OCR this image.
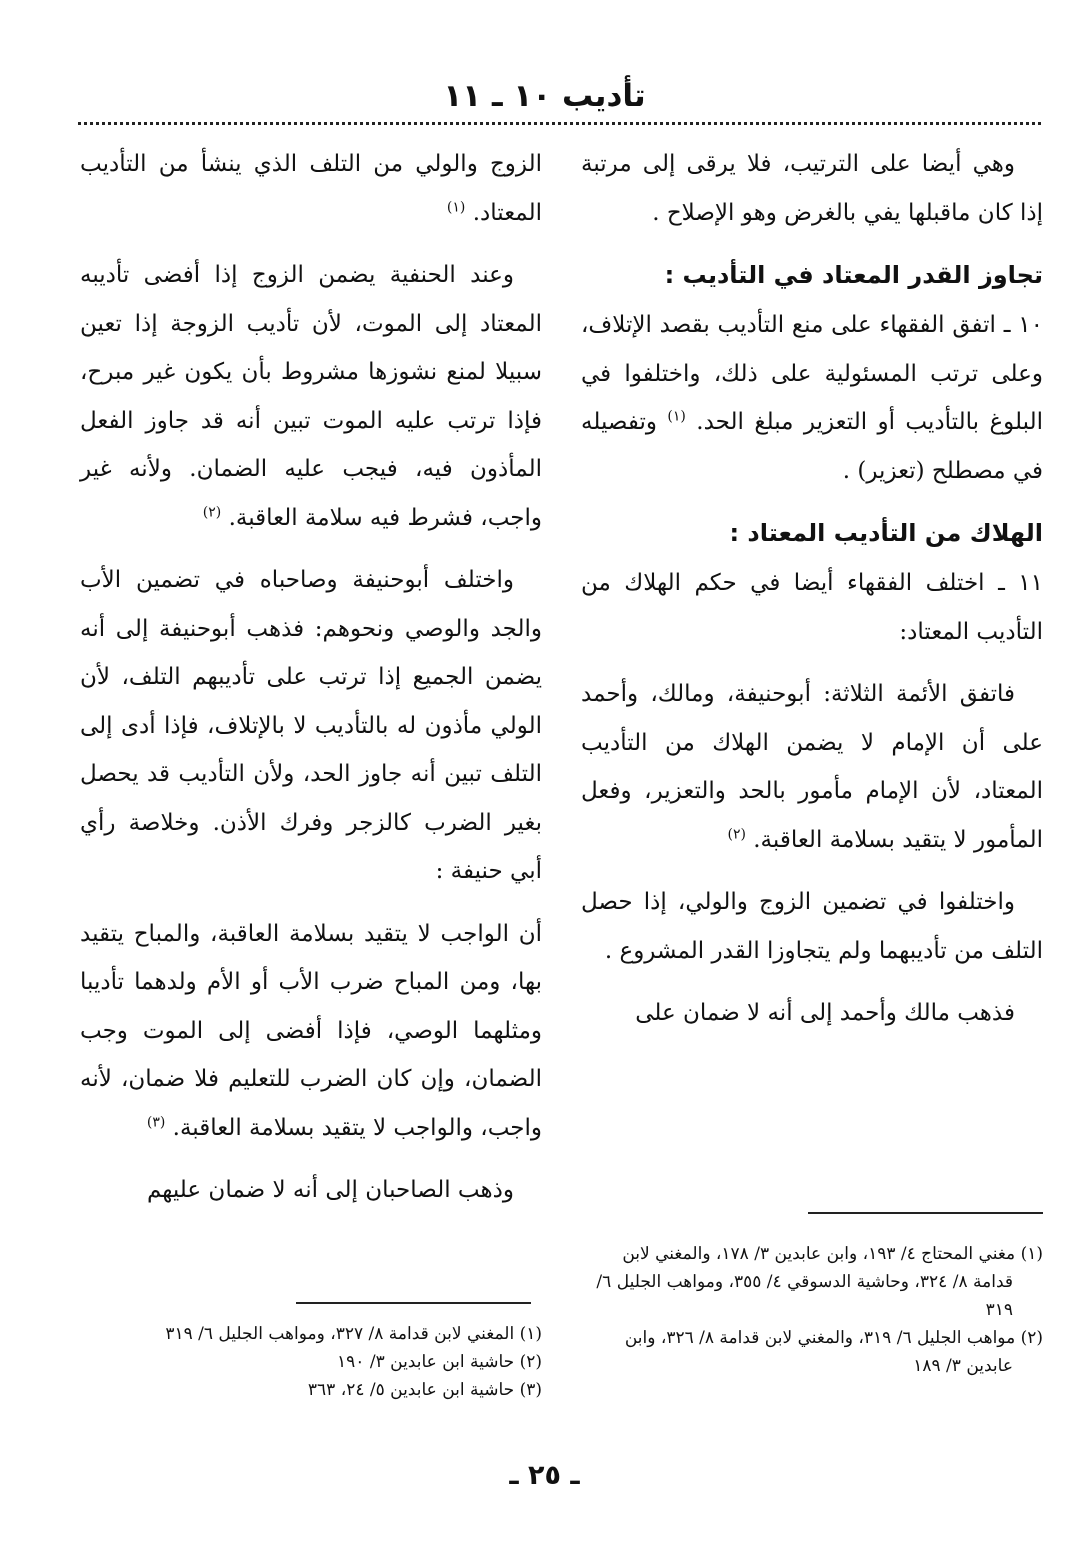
تأديب ١٠ ـ ١١

وهي أيضا على الترتيب، فلا يرقى إلى مرتبة إذا كان ماقبلها يفي بالغرض وهو الإصلاح .

تجاوز القدر المعتاد في التأديب :

١٠ ـ اتفق الفقهاء على منع التأديب بقصد الإتلاف، وعلى ترتب المسئولية على ذلك، واختلفوا في البلوغ بالتأديب أو التعزير مبلغ الحد. $^{(١)}$ وتفصيله في مصطلح (تعزير) .

الهلاك من التأديب المعتاد :

١١ ـ اختلف الفقهاء أيضا في حكم الهلاك من التأديب المعتاد:

فاتفق الأئمة الثلاثة: أبوحنيفة، ومالك، وأحمد على أن الإمام لا يضمن الهلاك من التأديب المعتاد، لأن الإمام مأمور بالحد والتعزير، وفعل المأمور لا يتقيد بسلامة العاقبة. $^{(٢)}$

واختلفوا في تضمين الزوج والولي، إذا حصل التلف من تأديبهما ولم يتجاوزا القدر المشروع .

فذهب مالك وأحمد إلى أنه لا ضمان على

الزوج والولي من التلف الذي ينشأ من التأديب المعتاد. $^{(١)}$

وعند الحنفية يضمن الزوج إذا أفضى تأديبه المعتاد إلى الموت، لأن تأديب الزوجة إذا تعين سبيلا لمنع نشوزها مشروط بأن يكون غير مبرح، فإذا ترتب عليه الموت تبين أنه قد جاوز الفعل المأذون فيه، فيجب عليه الضمان. ولأنه غير واجب، فشرط فيه سلامة العاقبة. $^{(٢)}$

واختلف أبوحنيفة وصاحباه في تضمين الأب والجد والوصي ونحوهم: فذهب أبوحنيفة إلى أنه يضمن الجميع إذا ترتب على تأديبهم التلف، لأن الولي مأذون له بالتأديب لا بالإتلاف، فإذا أدى إلى التلف تبين أنه جاوز الحد، ولأن التأديب قد يحصل بغير الضرب كالزجر وفرك الأذن. وخلاصة رأي أبي حنيفة :

أن الواجب لا يتقيد بسلامة العاقبة، والمباح يتقيد بها، ومن المباح ضرب الأب أو الأم ولدهما تأديبا ومثلهما الوصي، فإذا أفضى إلى الموت وجب الضمان، وإن كان الضرب للتعليم فلا ضمان، لأنه واجب، والواجب لا يتقيد بسلامة العاقبة. $^{(٣)}$

وذهب الصاحبان إلى أنه لا ضمان عليهم

(١) مغني المحتاج ٤/ ١٩٣، وابن عابدين ٣/ ١٧٨، والمغني لابن قدامة ٨/ ٣٢٤، وحاشية الدسوقي ٤/ ٣٥٥، ومواهب الجليل ٦/ ٣١٩

(٢) مواهب الجليل ٦/ ٣١٩، والمغني لابن قدامة ٨/ ٣٢٦، وابن عابدين ٣/ ١٨٩

(١) المغني لابن قدامة ٨/ ٣٢٧، ومواهب الجليل ٦/ ٣١٩

(٢) حاشية ابن عابدين ٣/ ١٩٠

(٣) حاشية ابن عابدين ٥/ ٢٤، ٣٦٣

ـ ٢٥ ـ
